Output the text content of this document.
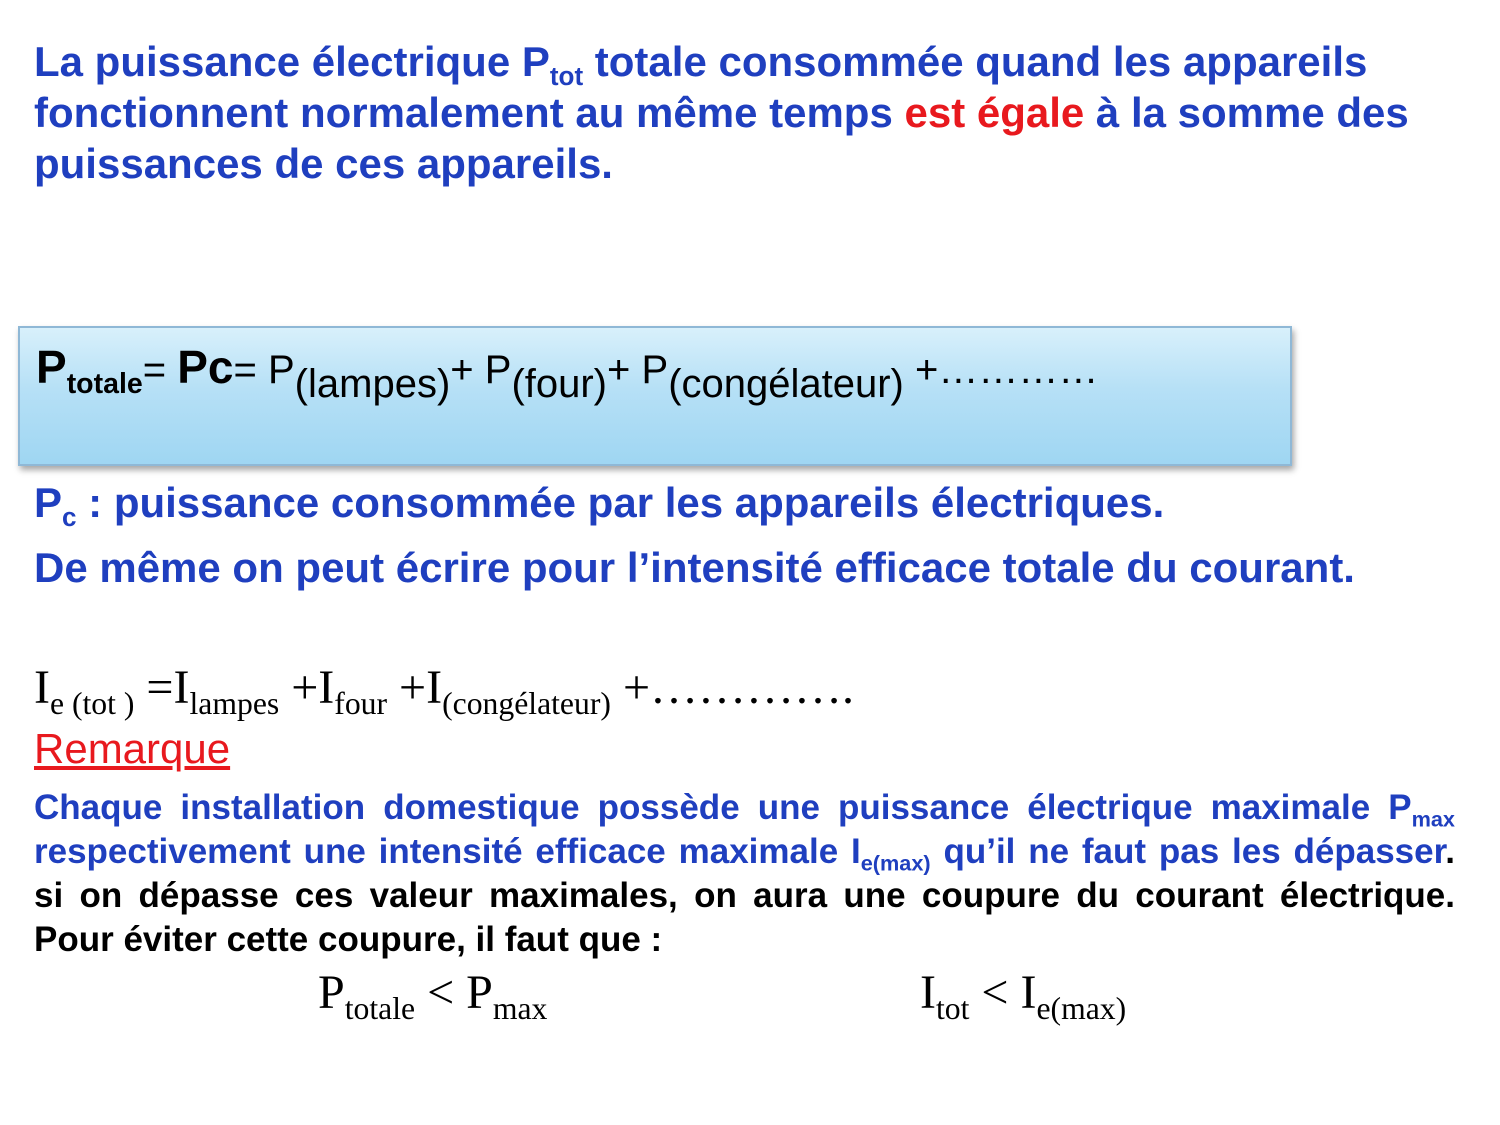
La puissance électrique $P_{tot}$ totale consommée quand les appareils fonctionnent normalement au même temps est égale à la somme des puissances de ces appareils.

$P_{totale}= Pc= P_{(lampes)}+ P_{(four)}+ P_{(congélateur)}$ +…………

$P_c$ : puissance consommée par les appareils électriques.

De même on peut écrire pour l’intensité efficace totale du courant.

$I_{e (tot )} =I_{lampes} +I_{four} +I_{(congélateur)}$ +………….

Remarque

Chaque installation domestique possède une puissance électrique maximale $P_{max}$ respectivement une intensité efficace maximale $I_{e(max)}$ qu’il ne faut pas les dépasser. si on dépasse ces valeur maximales, on aura une coupure du courant électrique. Pour éviter cette coupure, il faut que :

$P_{totale} < P_{max}$	$I_{tot} < I_{e(max)}$
